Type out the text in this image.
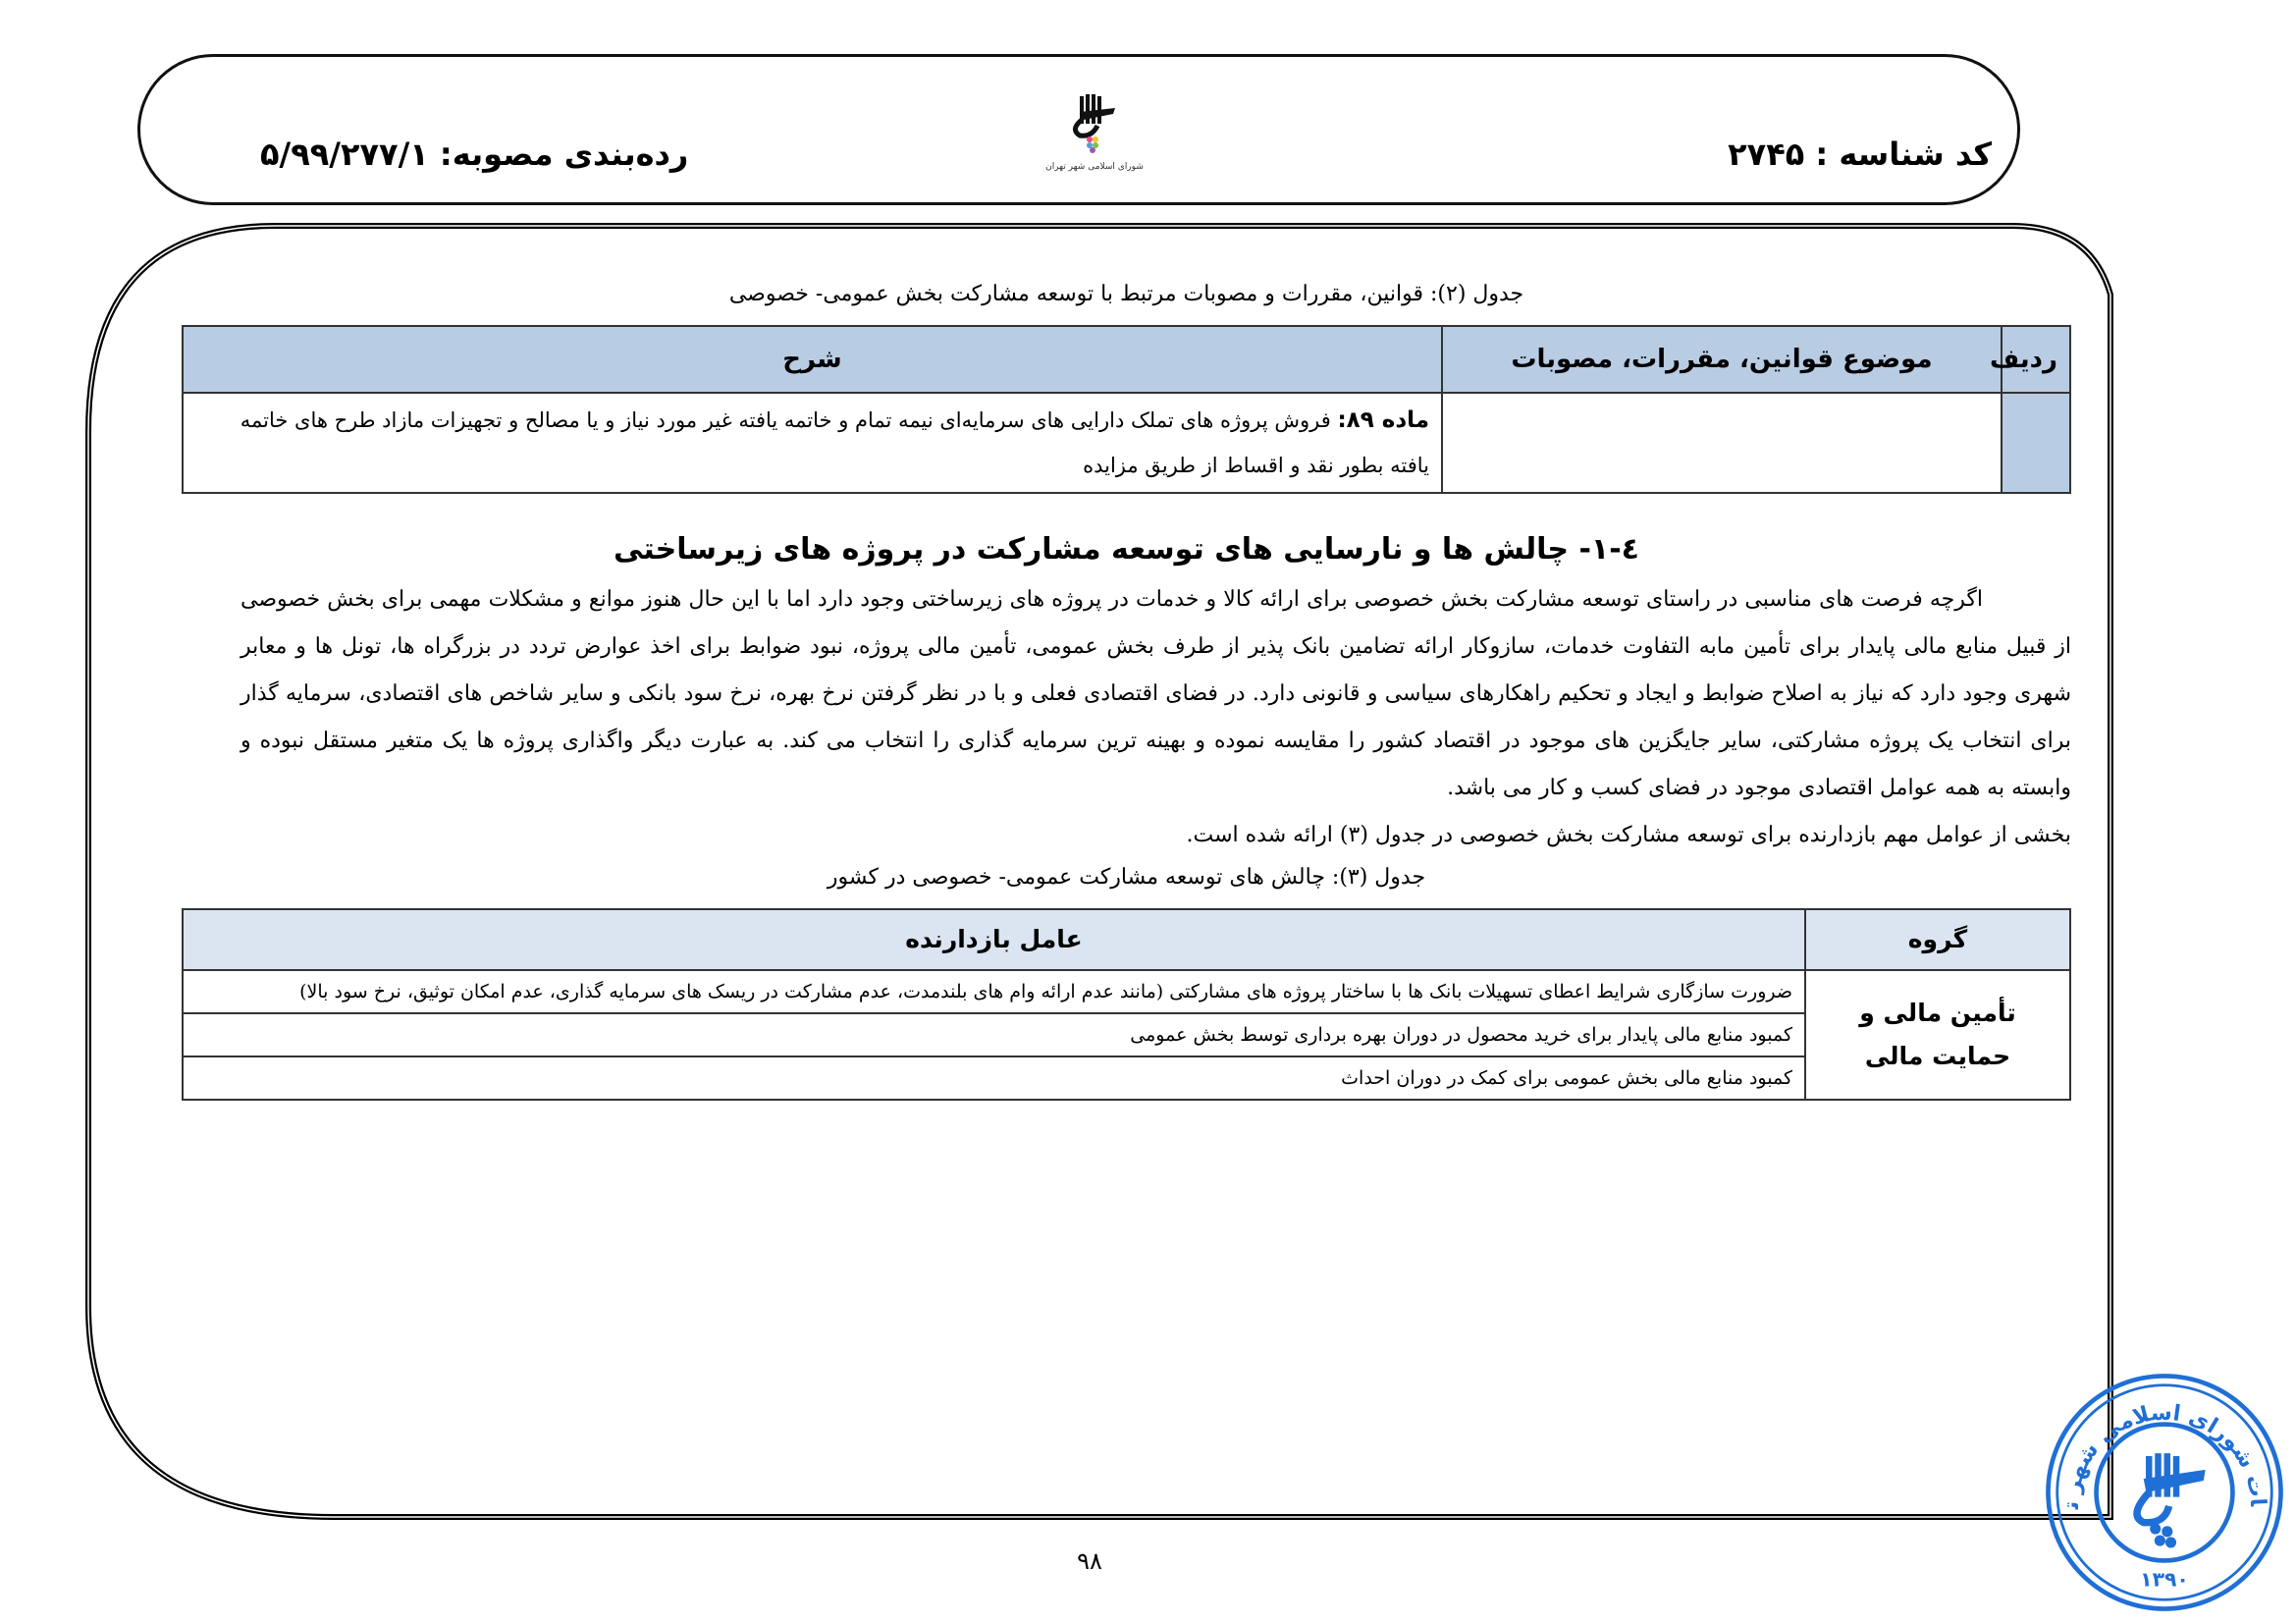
کد شناسه : ۲۷۴۵
رده‌بندی مصوبه: ۵/۹۹/۲۷۷/۱	شورای اسلامی شهر تهران
جدول (۲): قوانین، مقررات و مصوبات مرتبط با توسعه مشارکت بخش عمومی- خصوصی
ردیف	موضوع قوانین، مقررات، مصوبات	شرح
		ماده ۸۹: فروش پروژه های تملک دارایی های سرمایه‌ای نیمه تمام و خاتمه یافته غیر مورد نیاز و یا مصالح و تجهیزات مازاد طرح های خاتمه یافته بطور نقد و اقساط از طریق مزایده
٤-١- چالش ها و نارسایی های توسعه مشارکت در پروژه های زیرساختی

اگرچه فرصت های مناسبی در راستای توسعه مشارکت بخش خصوصی برای ارائه کالا و خدمات در پروژه های زیرساختی وجود دارد اما با این حال هنوز موانع و مشکلات مهمی برای بخش خصوصی از قبیل منابع مالی پایدار برای تأمین مابه التفاوت خدمات، سازوکار ارائه تضامین بانک پذیر از طرف بخش عمومی، تأمین مالی پروژه، نبود ضوابط برای اخذ عوارض تردد در بزرگراه ها، تونل ها و معابر شهری وجود دارد که نیاز به اصلاح ضوابط و ایجاد و تحکیم راهکارهای سیاسی و قانونی دارد. در فضای اقتصادی فعلی و با در نظر گرفتن نرخ بهره، نرخ سود بانکی و سایر شاخص های اقتصادی، سرمایه گذار برای انتخاب یک پروژه مشارکتی، سایر جایگزین های موجود در اقتصاد کشور را مقایسه نموده و بهینه ترین سرمایه گذاری را انتخاب می کند. به عبارت دیگر واگذاری پروژه ها یک متغیر مستقل نبوده و وابسته به همه عوامل اقتصادی موجود در فضای کسب و کار می باشد.

بخشی از عوامل مهم بازدارنده برای توسعه مشارکت بخش خصوصی در جدول (۳) ارائه شده است.
جدول (۳): چالش های توسعه مشارکت عمومی- خصوصی در کشور
گروه	عامل بازدارنده
تأمین مالی و حمایت مالی	ضرورت سازگاری شرایط اعطای تسهیلات بانک ها با ساختار پروژه های مشارکتی (مانند عدم ارائه وام های بلندمدت، عدم مشارکت در ریسک های سرمایه گذاری، عدم امکان توثیق، نرخ سود بالا)
	کمبود منابع مالی پایدار برای خرید محصول در دوران بهره برداری توسط بخش عمومی
	کمبود منابع مالی بخش عمومی برای کمک در دوران احداث
۹۸
ات شورای اسلامی شهر ت
۱۳۹۰
